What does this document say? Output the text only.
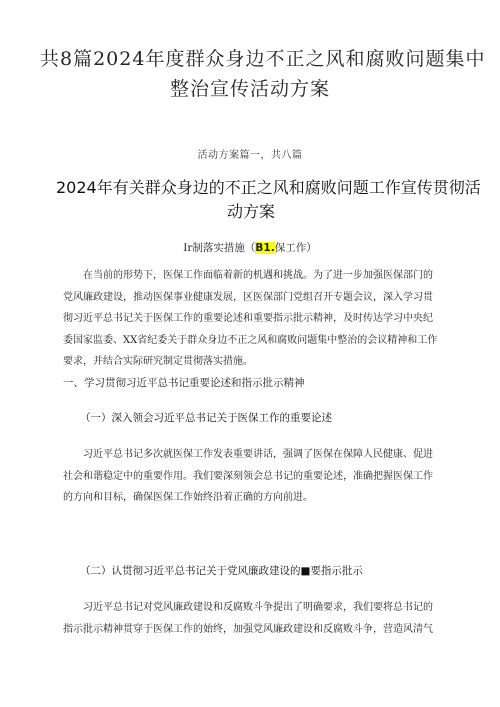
共8篇2024年度群众身边不正之风和腐败问题集中
整治宣传活动方案
活动方案篇一，共八篇
2024年有关群众身边的不正之风和腐败问题工作宣传贯彻活
动方案
Ir制落实措施（B1.保工作）
在当前的形势下，医保工作面临着新的机遇和挑战。为了进一步加强医保部门的
党风廉政建设，推动医保事业健康发展，区医保部门党组召开专题会议，深入学习贯
彻习近平总书记关于医保工作的重要论述和重要指示批示精神，及时传达学习中央纪
委国家监委、XX省纪委关于群众身边不正之风和腐败问题集中整治的会议精神和工作
要求，并结合实际研究制定贯彻落实措施。
一、学习贯彻习近平总书记重要论述和指示批示精神
（一）深入领会习近平总书记关于医保工作的重要论述
习近平总书记多次就医保工作发表重要讲话，强调了医保在保障人民健康、促进
社会和谐稳定中的重要作用。我们要深刻领会总书记的重要论述，准确把握医保工作
的方向和目标，确保医保工作始终沿着正确的方向前进。
（二）认贯彻习近平总书记关于党风廉政建设的■要指示批示
习近平总书记对党风廉政建设和反腐败斗争提出了明确要求，我们要将总书记的
指示批示精神贯穿于医保工作的始终，加强党风廉政建设和反腐败斗争，营造风清气
